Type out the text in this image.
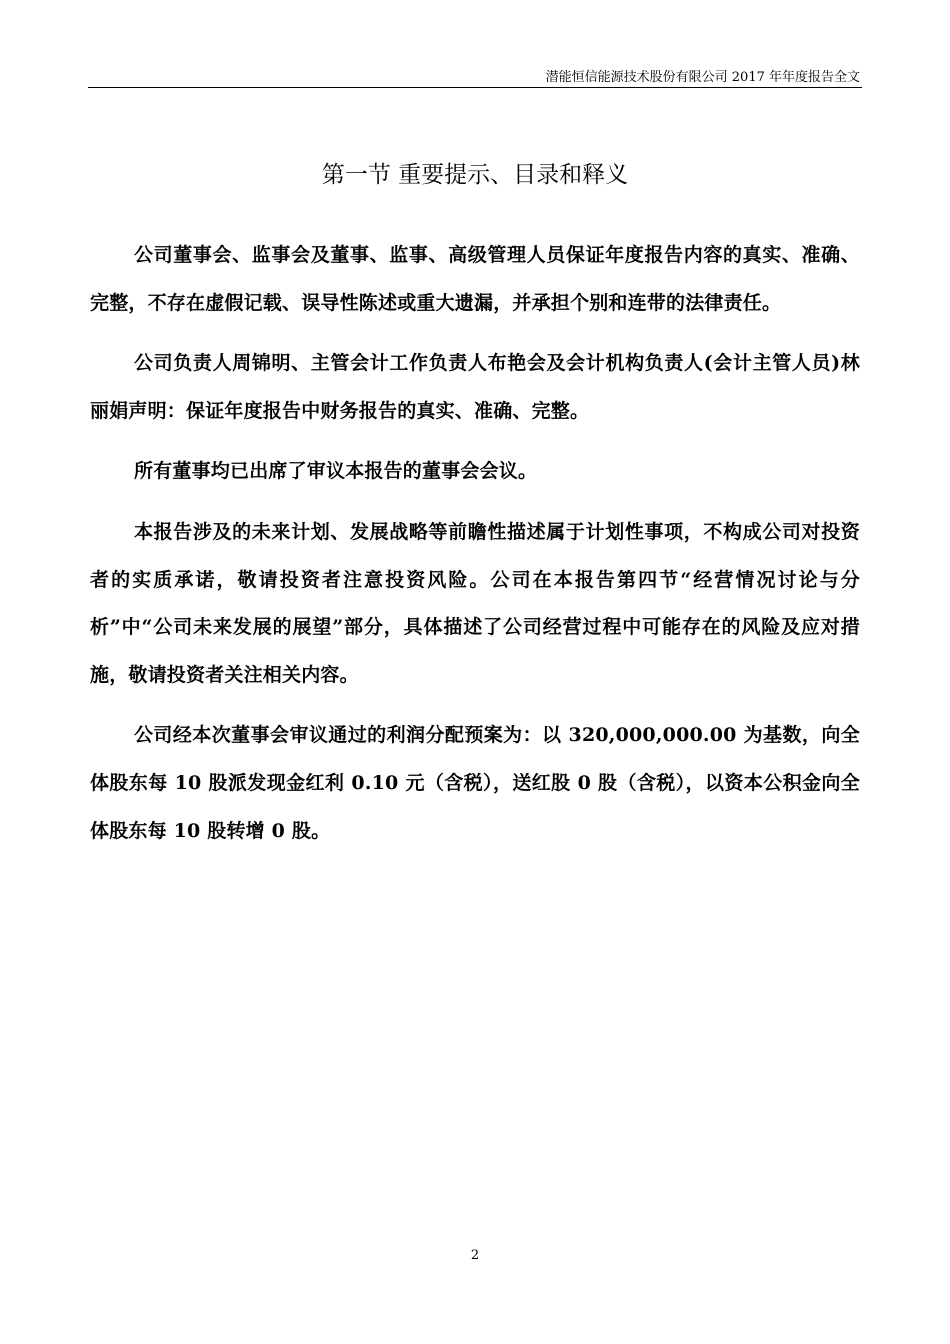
潜能恒信能源技术股份有限公司 2017 年年度报告全文
第一节 重要提示、目录和释义

公司董事会、监事会及董事、监事、高级管理人员保证年度报告内容的真实、准确、完整，不存在虚假记载、误导性陈述或重大遗漏，并承担个别和连带的法律责任。

公司负责人周锦明、主管会计工作负责人布艳会及会计机构负责人(会计主管人员)林丽娟声明：保证年度报告中财务报告的真实、准确、完整。

所有董事均已出席了审议本报告的董事会会议。

本报告涉及的未来计划、发展战略等前瞻性描述属于计划性事项，不构成公司对投资者的实质承诺，敬请投资者注意投资风险。公司在本报告第四节“经营情况讨论与分析”中“公司未来发展的展望”部分，具体描述了公司经营过程中可能存在的风险及应对措施，敬请投资者关注相关内容。

公司经本次董事会审议通过的利润分配预案为：以 320,000,000.00 为基数，向全体股东每 10 股派发现金红利 0.10 元（含税），送红股 0 股（含税），以资本公积金向全体股东每 10 股转增 0 股。

2
